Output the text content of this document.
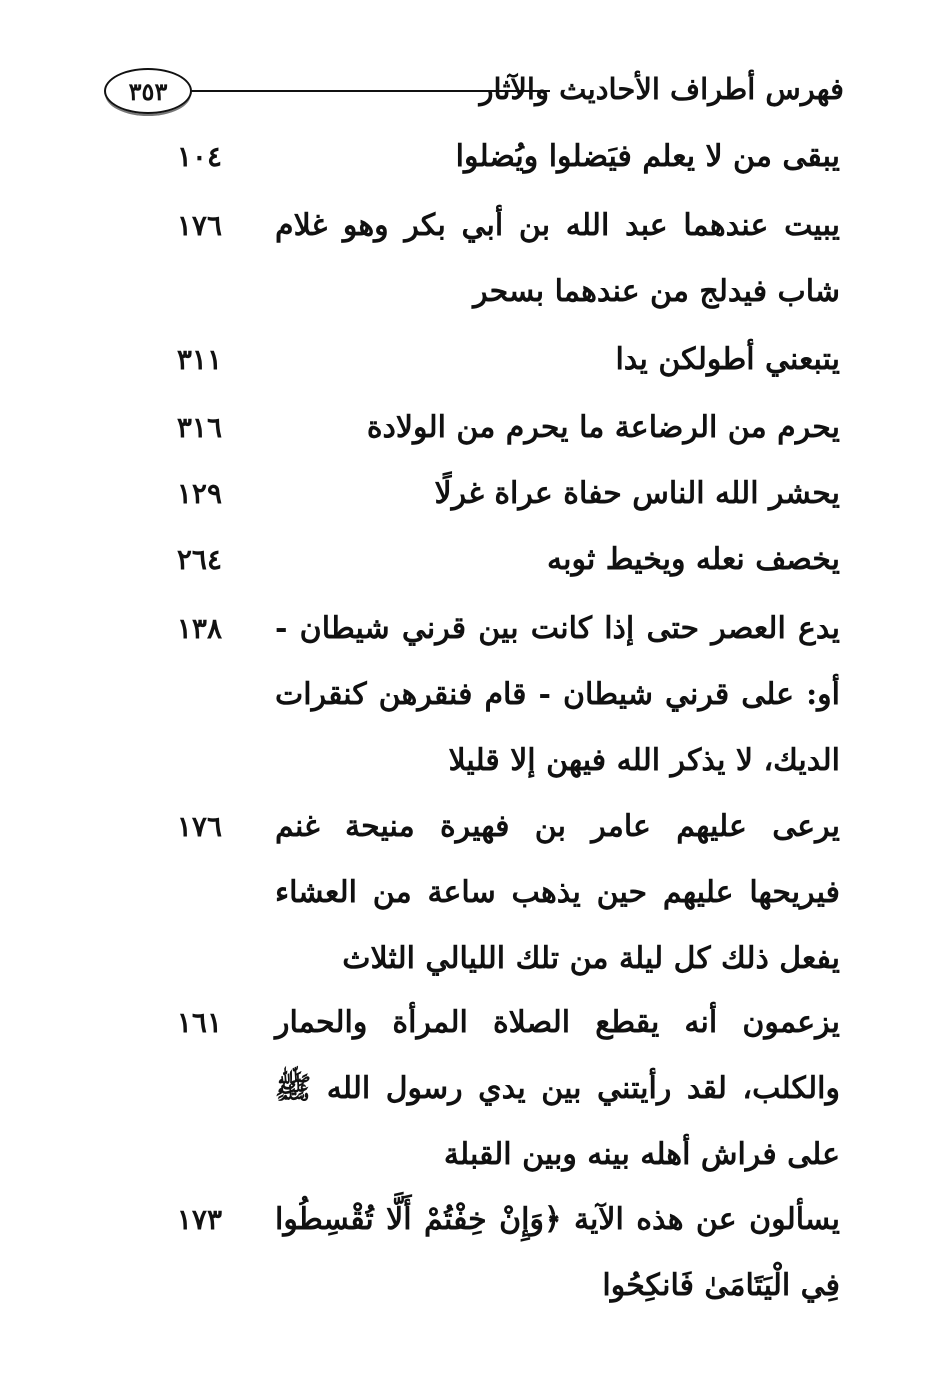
٣٥٣	فهرس أطراف الأحاديث والآثار
يبقى من لا يعلم فيَضلوا ويُضلوا
١٠٤
يبيت عندهما عبد الله بن أبي بكر وهو غلام شاب فيدلج من عندهما بسحر
١٧٦
يتبعني أطولكن يدا
٣١١
يحرم من الرضاعة ما يحرم من الولادة
٣١٦
يحشر الله الناس حفاة عراة غرلًا
١٢٩
يخصف نعله ويخيط ثوبه
٢٦٤
يدع العصر حتى إذا كانت بين قرني شيطان - أو: على قرني شيطان - قام فنقرهن كنقرات الديك، لا يذكر الله فيهن إلا قليلا
١٣٨
يرعى عليهم عامر بن فهيرة منيحة غنم فيريحها عليهم حين يذهب ساعة من العشاء يفعل ذلك كل ليلة من تلك الليالي الثلاث
١٧٦
يزعمون أنه يقطع الصلاة المرأة والحمار والكلب، لقد رأيتني بين يدي رسول الله ﷺ على فراش أهله بينه وبين القبلة
١٦١
يسألون عن هذه الآية ﴿وَإِنْ خِفْتُمْ أَلَّا تُقْسِطُوا فِي الْيَتَامَىٰ فَانكِحُوا
١٧٣
